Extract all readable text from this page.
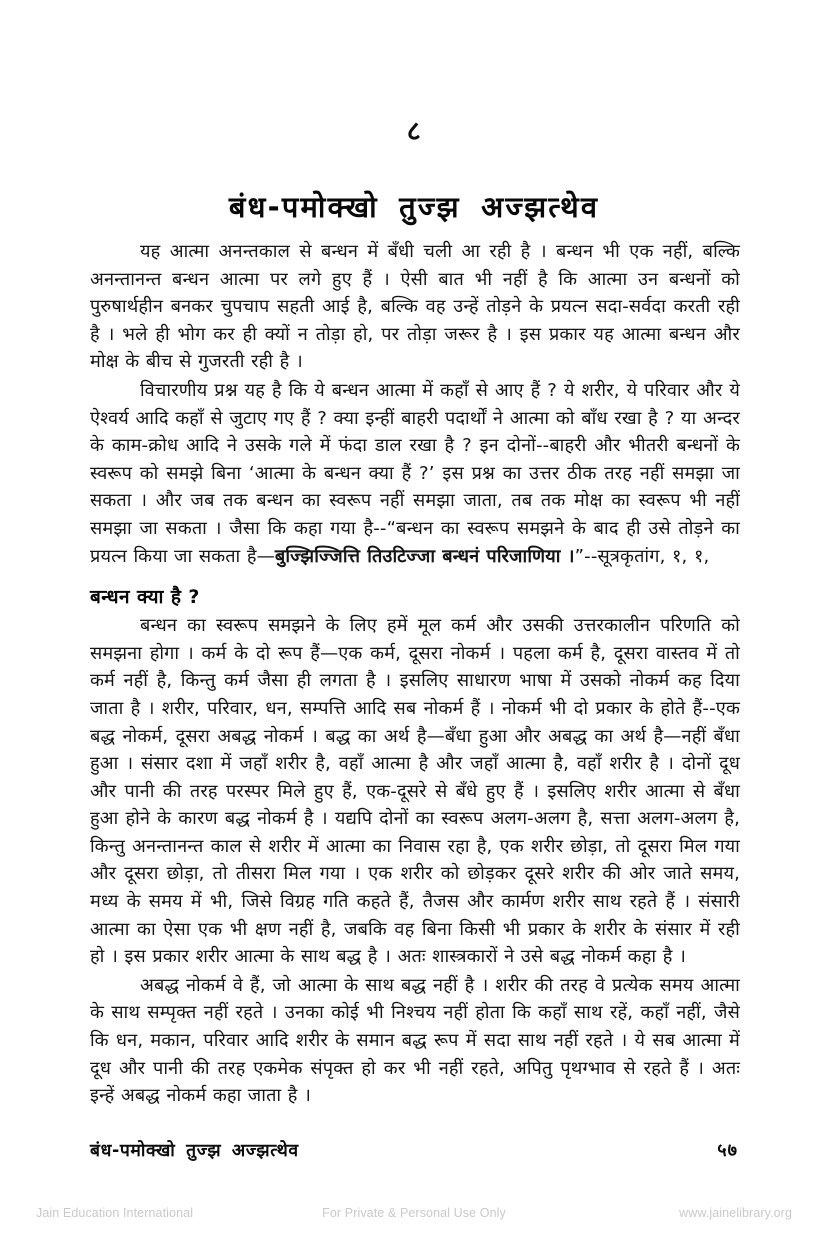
८
बंध-पमोक्खो तुज्झ अज्झत्थेव

यह आत्मा अनन्तकाल से बन्धन में बँधी चली आ रही है । बन्धन भी एक नहीं, बल्कि अनन्तानन्त बन्धन आत्मा पर लगे हुए हैं । ऐसी बात भी नहीं है कि आत्मा उन बन्धनों को पुरुषार्थहीन बनकर चुपचाप सहती आई है, बल्कि वह उन्हें तोड़ने के प्रयत्न सदा-सर्वदा करती रही है । भले ही भोग कर ही क्यों न तोड़ा हो, पर तोड़ा जरूर है । इस प्रकार यह आत्मा बन्धन और मोक्ष के बीच से गुजरती रही है ।

विचारणीय प्रश्न यह है कि ये बन्धन आत्मा में कहाँ से आए हैं ? ये शरीर, ये परिवार और ये ऐश्वर्य आदि कहाँ से जुटाए गए हैं ? क्या इन्हीं बाहरी पदार्थों ने आत्मा को बाँध रखा है ? या अन्दर के काम-क्रोध आदि ने उसके गले में फंदा डाल रखा है ? इन दोनों--बाहरी और भीतरी बन्धनों के स्वरूप को समझे बिना ‘आत्मा के बन्धन क्या हैं ?’ इस प्रश्न का उत्तर ठीक तरह नहीं समझा जा सकता । और जब तक बन्धन का स्वरूप नहीं समझा जाता, तब तक मोक्ष का स्वरूप भी नहीं समझा जा सकता । जैसा कि कहा गया है--“बन्धन का स्वरूप समझने के बाद ही उसे तोड़ने का प्रयत्न किया जा सकता है—बुज्झिज्जित्ति तिउटिज्जा बन्धनं परिजाणिया ।”--सूत्रकृतांग, १, १,

बन्धन क्या है ?

बन्धन का स्वरूप समझने के लिए हमें मूल कर्म और उसकी उत्तरकालीन परिणति को समझना होगा । कर्म के दो रूप हैं—एक कर्म, दूसरा नोकर्म । पहला कर्म है, दूसरा वास्तव में तो कर्म नहीं है, किन्तु कर्म जैसा ही लगता है । इसलिए साधारण भाषा में उसको नोकर्म कह दिया जाता है । शरीर, परिवार, धन, सम्पत्ति आदि सब नोकर्म हैं । नोकर्म भी दो प्रकार के होते हैं--एक बद्ध नोकर्म, दूसरा अबद्ध नोकर्म । बद्ध का अर्थ है—बँधा हुआ और अबद्ध का अर्थ है—नहीं बँधा हुआ । संसार दशा में जहाँ शरीर है, वहाँ आत्मा है और जहाँ आत्मा है, वहाँ शरीर है । दोनों दूध और पानी की तरह परस्पर मिले हुए हैं, एक-दूसरे से बँधे हुए हैं । इसलिए शरीर आत्मा से बँधा हुआ होने के कारण बद्ध नोकर्म है । यद्यपि दोनों का स्वरूप अलग-अलग है, सत्ता अलग-अलग है, किन्तु अनन्तानन्त काल से शरीर में आत्मा का निवास रहा है, एक शरीर छोड़ा, तो दूसरा मिल गया और दूसरा छोड़ा, तो तीसरा मिल गया । एक शरीर को छोड़कर दूसरे शरीर की ओर जाते समय, मध्य के समय में भी, जिसे विग्रह गति कहते हैं, तैजस और कार्मण शरीर साथ रहते हैं । संसारी आत्मा का ऐसा एक भी क्षण नहीं है, जबकि वह बिना किसी भी प्रकार के शरीर के संसार में रही हो । इस प्रकार शरीर आत्मा के साथ बद्ध है । अतः शास्त्रकारों ने उसे बद्ध नोकर्म कहा है ।

अबद्ध नोकर्म वे हैं, जो आत्मा के साथ बद्ध नहीं है । शरीर की तरह वे प्रत्येक समय आत्मा के साथ सम्पृक्त नहीं रहते । उनका कोई भी निश्चय नहीं होता कि कहाँ साथ रहें, कहाँ नहीं, जैसे कि धन, मकान, परिवार आदि शरीर के समान बद्ध रूप में सदा साथ नहीं रहते । ये सब आत्मा में दूध और पानी की तरह एकमेक संपृक्त हो कर भी नहीं रहते, अपितु पृथग्भाव से रहते हैं । अतः इन्हें अबद्ध नोकर्म कहा जाता है ।

बंध-पमोक्खो तुज्झ अज्झत्थेव	५७
Jain Education International	For Private & Personal Use Only	www.jainelibrary.org
